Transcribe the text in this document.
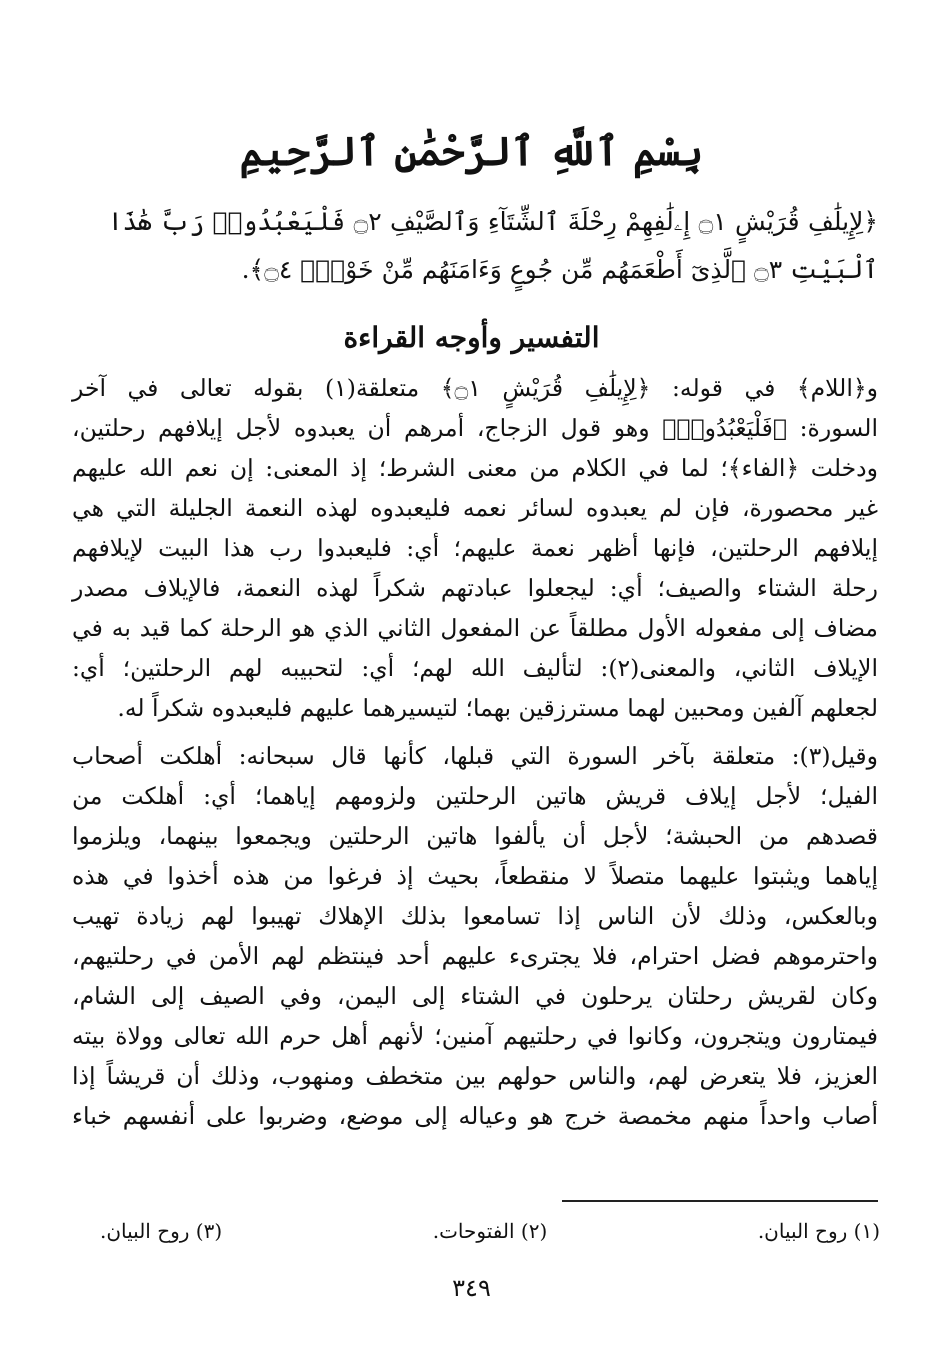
بِسْمِ ٱللَّهِ ٱلرَّحْمَٰنِ ٱلرَّحِيمِ
﴿لِإِيلَٰفِ قُرَيْشٍ ۝١ إِۦلَٰفِهِمْ رِحْلَةَ ٱلشِّتَآءِ وَٱلصَّيْفِ ۝٢ فَلْيَعْبُدُوا۟ رَبَّ هَٰذَا ٱلْبَيْتِ ۝٣ ٱلَّذِىٓ أَطْعَمَهُم مِّن جُوعٍ وَءَامَنَهُم مِّنْ خَوْفٍۭ ۝٤﴾.
التفسير وأوجه القراءة

و﴿اللام﴾ في قوله: ﴿لِإِيلَٰفِ قُرَيْشٍ ۝١﴾ متعلقة(١) بقوله تعالى في آخر

السورة: ﴿فَلْيَعْبُدُوا۟﴾ وهو قول الزجاج، أمرهم أن يعبدوه لأجل إيلافهم رحلتين،

ودخلت ﴿الفاء﴾؛ لما في الكلام من معنى الشرط؛ إذ المعنى: إن نعم الله عليهم

غير محصورة، فإن لم يعبدوه لسائر نعمه فليعبدوه لهذه النعمة الجليلة التي هي

إيلافهم الرحلتين، فإنها أظهر نعمة عليهم؛ أي: فليعبدوا رب هذا البيت لإيلافهم

رحلة الشتاء والصيف؛ أي: ليجعلوا عبادتهم شكراً لهذه النعمة، فالإيلاف مصدر

مضاف إلى مفعوله الأول مطلقاً عن المفعول الثاني الذي هو الرحلة كما قيد به في

الإيلاف الثاني، والمعنى(٢): لتأليف الله لهم؛ أي: لتحبيبه لهم الرحلتين؛ أي:

لجعلهم آلفين ومحبين لهما مسترزقين بهما؛ لتيسيرهما عليهم فليعبدوه شكراً له.

وقيل(٣): متعلقة بآخر السورة التي قبلها، كأنها قال سبحانه: أهلكت أصحاب

الفيل؛ لأجل إيلاف قريش هاتين الرحلتين ولزومهم إياهما؛ أي: أهلكت من

قصدهم من الحبشة؛ لأجل أن يألفوا هاتين الرحلتين ويجمعوا بينهما، ويلزموا

إياهما ويثبتوا عليهما متصلاً لا منقطعاً، بحيث إذ فرغوا من هذه أخذوا في هذه

وبالعكس، وذلك لأن الناس إذا تسامعوا بذلك الإهلاك تهيبوا لهم زيادة تهيب

واحترموهم فضل احترام، فلا يجترىء عليهم أحد فينتظم لهم الأمن في رحلتيهم،

وكان لقريش رحلتان يرحلون في الشتاء إلى اليمن، وفي الصيف إلى الشام،

فيمتارون ويتجرون، وكانوا في رحلتيهم آمنين؛ لأنهم أهل حرم الله تعالى وولاة بيته

العزيز، فلا يتعرض لهم، والناس حولهم بين متخطف ومنهوب، وذلك أن قريشاً إذا

أصاب واحداً منهم مخمصة خرج هو وعياله إلى موضع، وضربوا على أنفسهم خباء

(١) روح البيان.
(٢) الفتوحات.
(٣) روح البيان.
٣٤٩
